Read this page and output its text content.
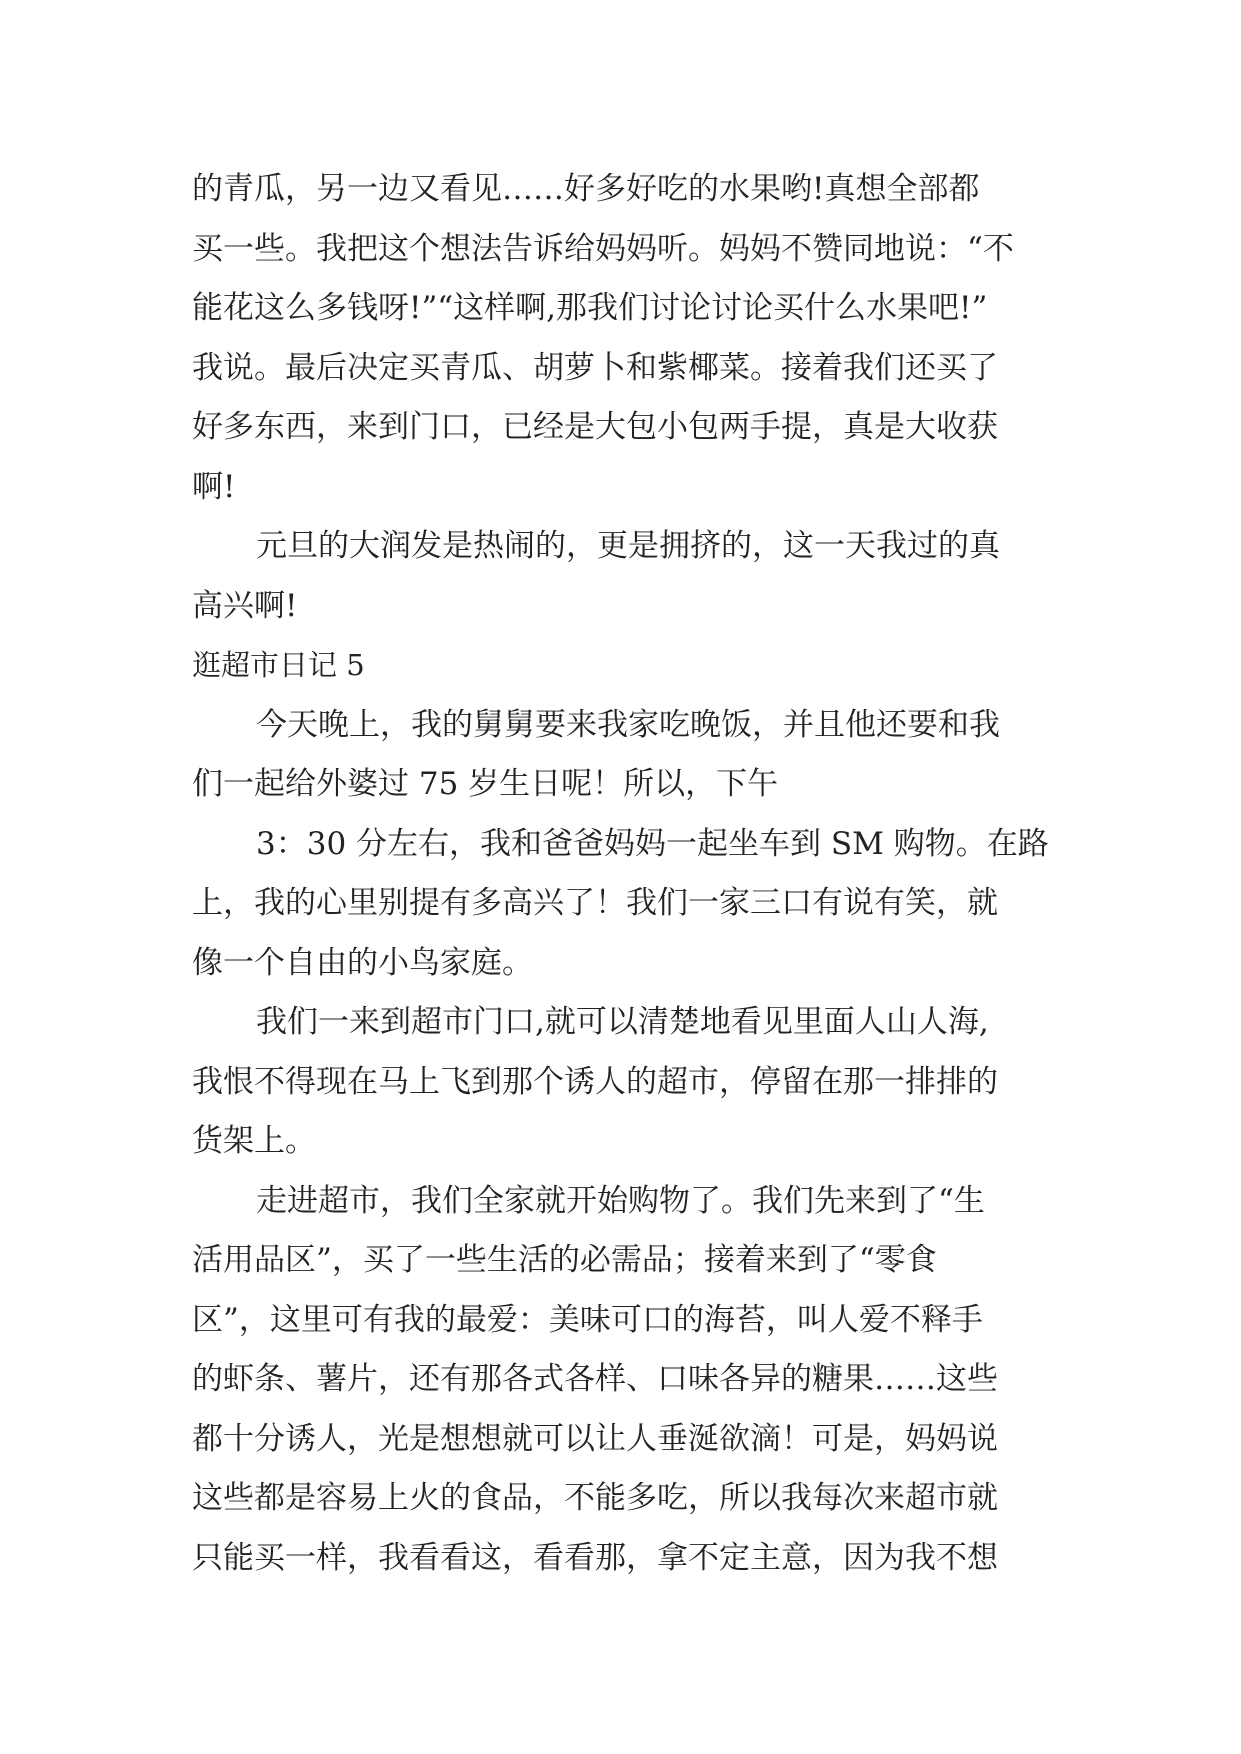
的青瓜，另一边又看见……好多好吃的水果哟!真想全部都
买一些。我把这个想法告诉给妈妈听。妈妈不赞同地说：“不
能花这么多钱呀!”“这样啊,那我们讨论讨论买什么水果吧!”
我说。最后决定买青瓜、胡萝卜和紫椰菜。接着我们还买了
好多东西，来到门口，已经是大包小包两手提，真是大收获
啊!
元旦的大润发是热闹的，更是拥挤的，这一天我过的真
高兴啊!
逛超市日记 5
今天晚上，我的舅舅要来我家吃晚饭，并且他还要和我
们一起给外婆过 75 岁生日呢！所以，下午
3：30 分左右，我和爸爸妈妈一起坐车到 SM 购物。在路
上，我的心里别提有多高兴了！我们一家三口有说有笑，就
像一个自由的小鸟家庭。
我们一来到超市门口,就可以清楚地看见里面人山人海,
我恨不得现在马上飞到那个诱人的超市，停留在那一排排的
货架上。
走进超市，我们全家就开始购物了。我们先来到了“生
活用品区”，买了一些生活的必需品；接着来到了“零食
区”，这里可有我的最爱：美味可口的海苔，叫人爱不释手
的虾条、薯片，还有那各式各样、口味各异的糖果……这些
都十分诱人，光是想想就可以让人垂涎欲滴！可是，妈妈说
这些都是容易上火的食品，不能多吃，所以我每次来超市就
只能买一样，我看看这，看看那，拿不定主意，因为我不想
